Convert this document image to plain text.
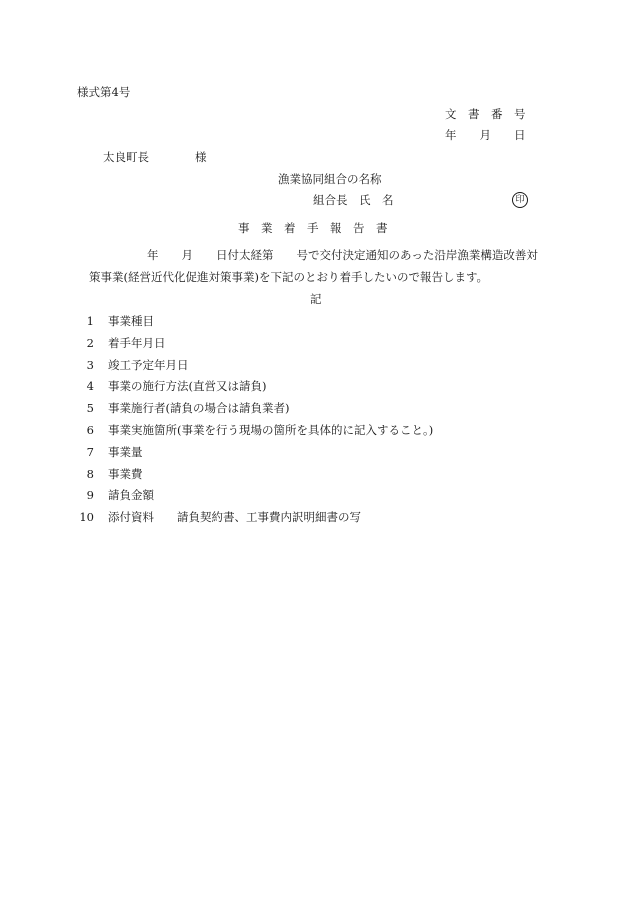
様式第4号
文　書　番　号
年　　月　　日
太良町長　　　　様
漁業協同組合の名称
組合長　氏　名	印
事　業　着　手　報　告　書
年　　月　　日付太経第　　号で交付決定通知のあった沿岸漁業構造改善対
策事業(経営近代化促進対策事業)を下記のとおり着手したいので報告します。
記
1 事業種目
2 着手年月日
3 竣工予定年月日
4 事業の施行方法(直営又は請負)
5 事業施行者(請負の場合は請負業者)
6 事業実施箇所(事業を行う現場の箇所を具体的に記入すること。)
7 事業量
8 事業費
9 請負金額
10 添付資料　　請負契約書、工事費内訳明細書の写
